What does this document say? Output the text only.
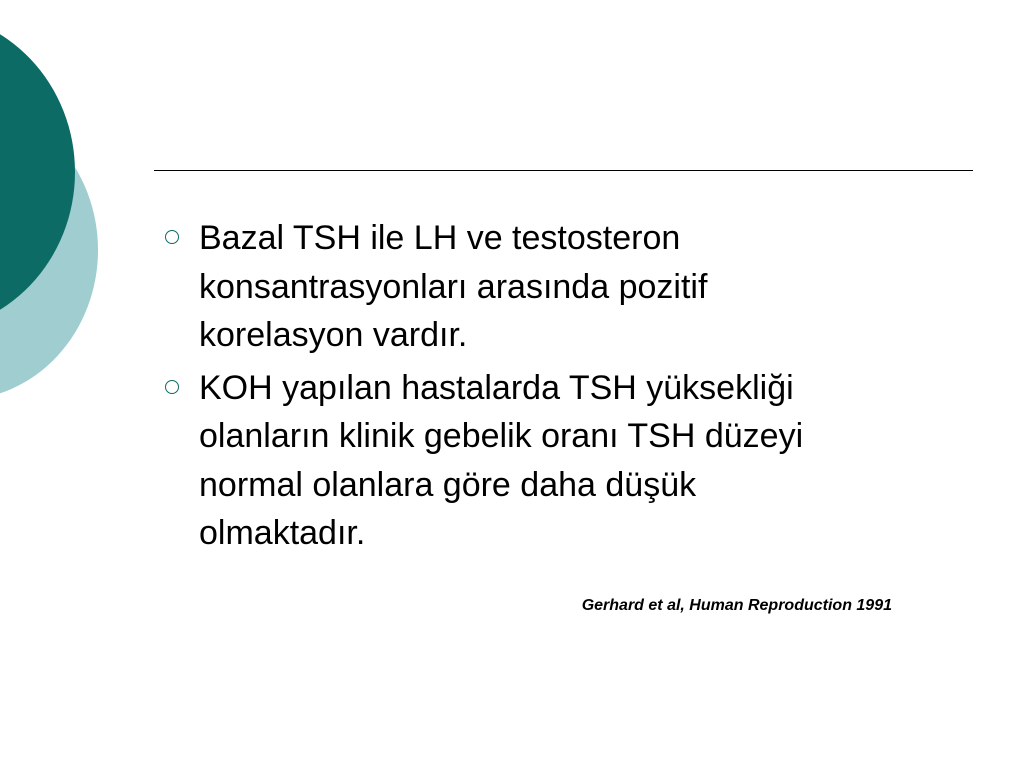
Bazal TSH ile LH ve testosteron
konsantrasyonları arasında pozitif
korelasyon vardır.
KOH yapılan hastalarda TSH yüksekliği
olanların klinik gebelik oranı TSH düzeyi
normal olanlara göre daha düşük
olmaktadır.
Gerhard et al, Human Reproduction 1991
